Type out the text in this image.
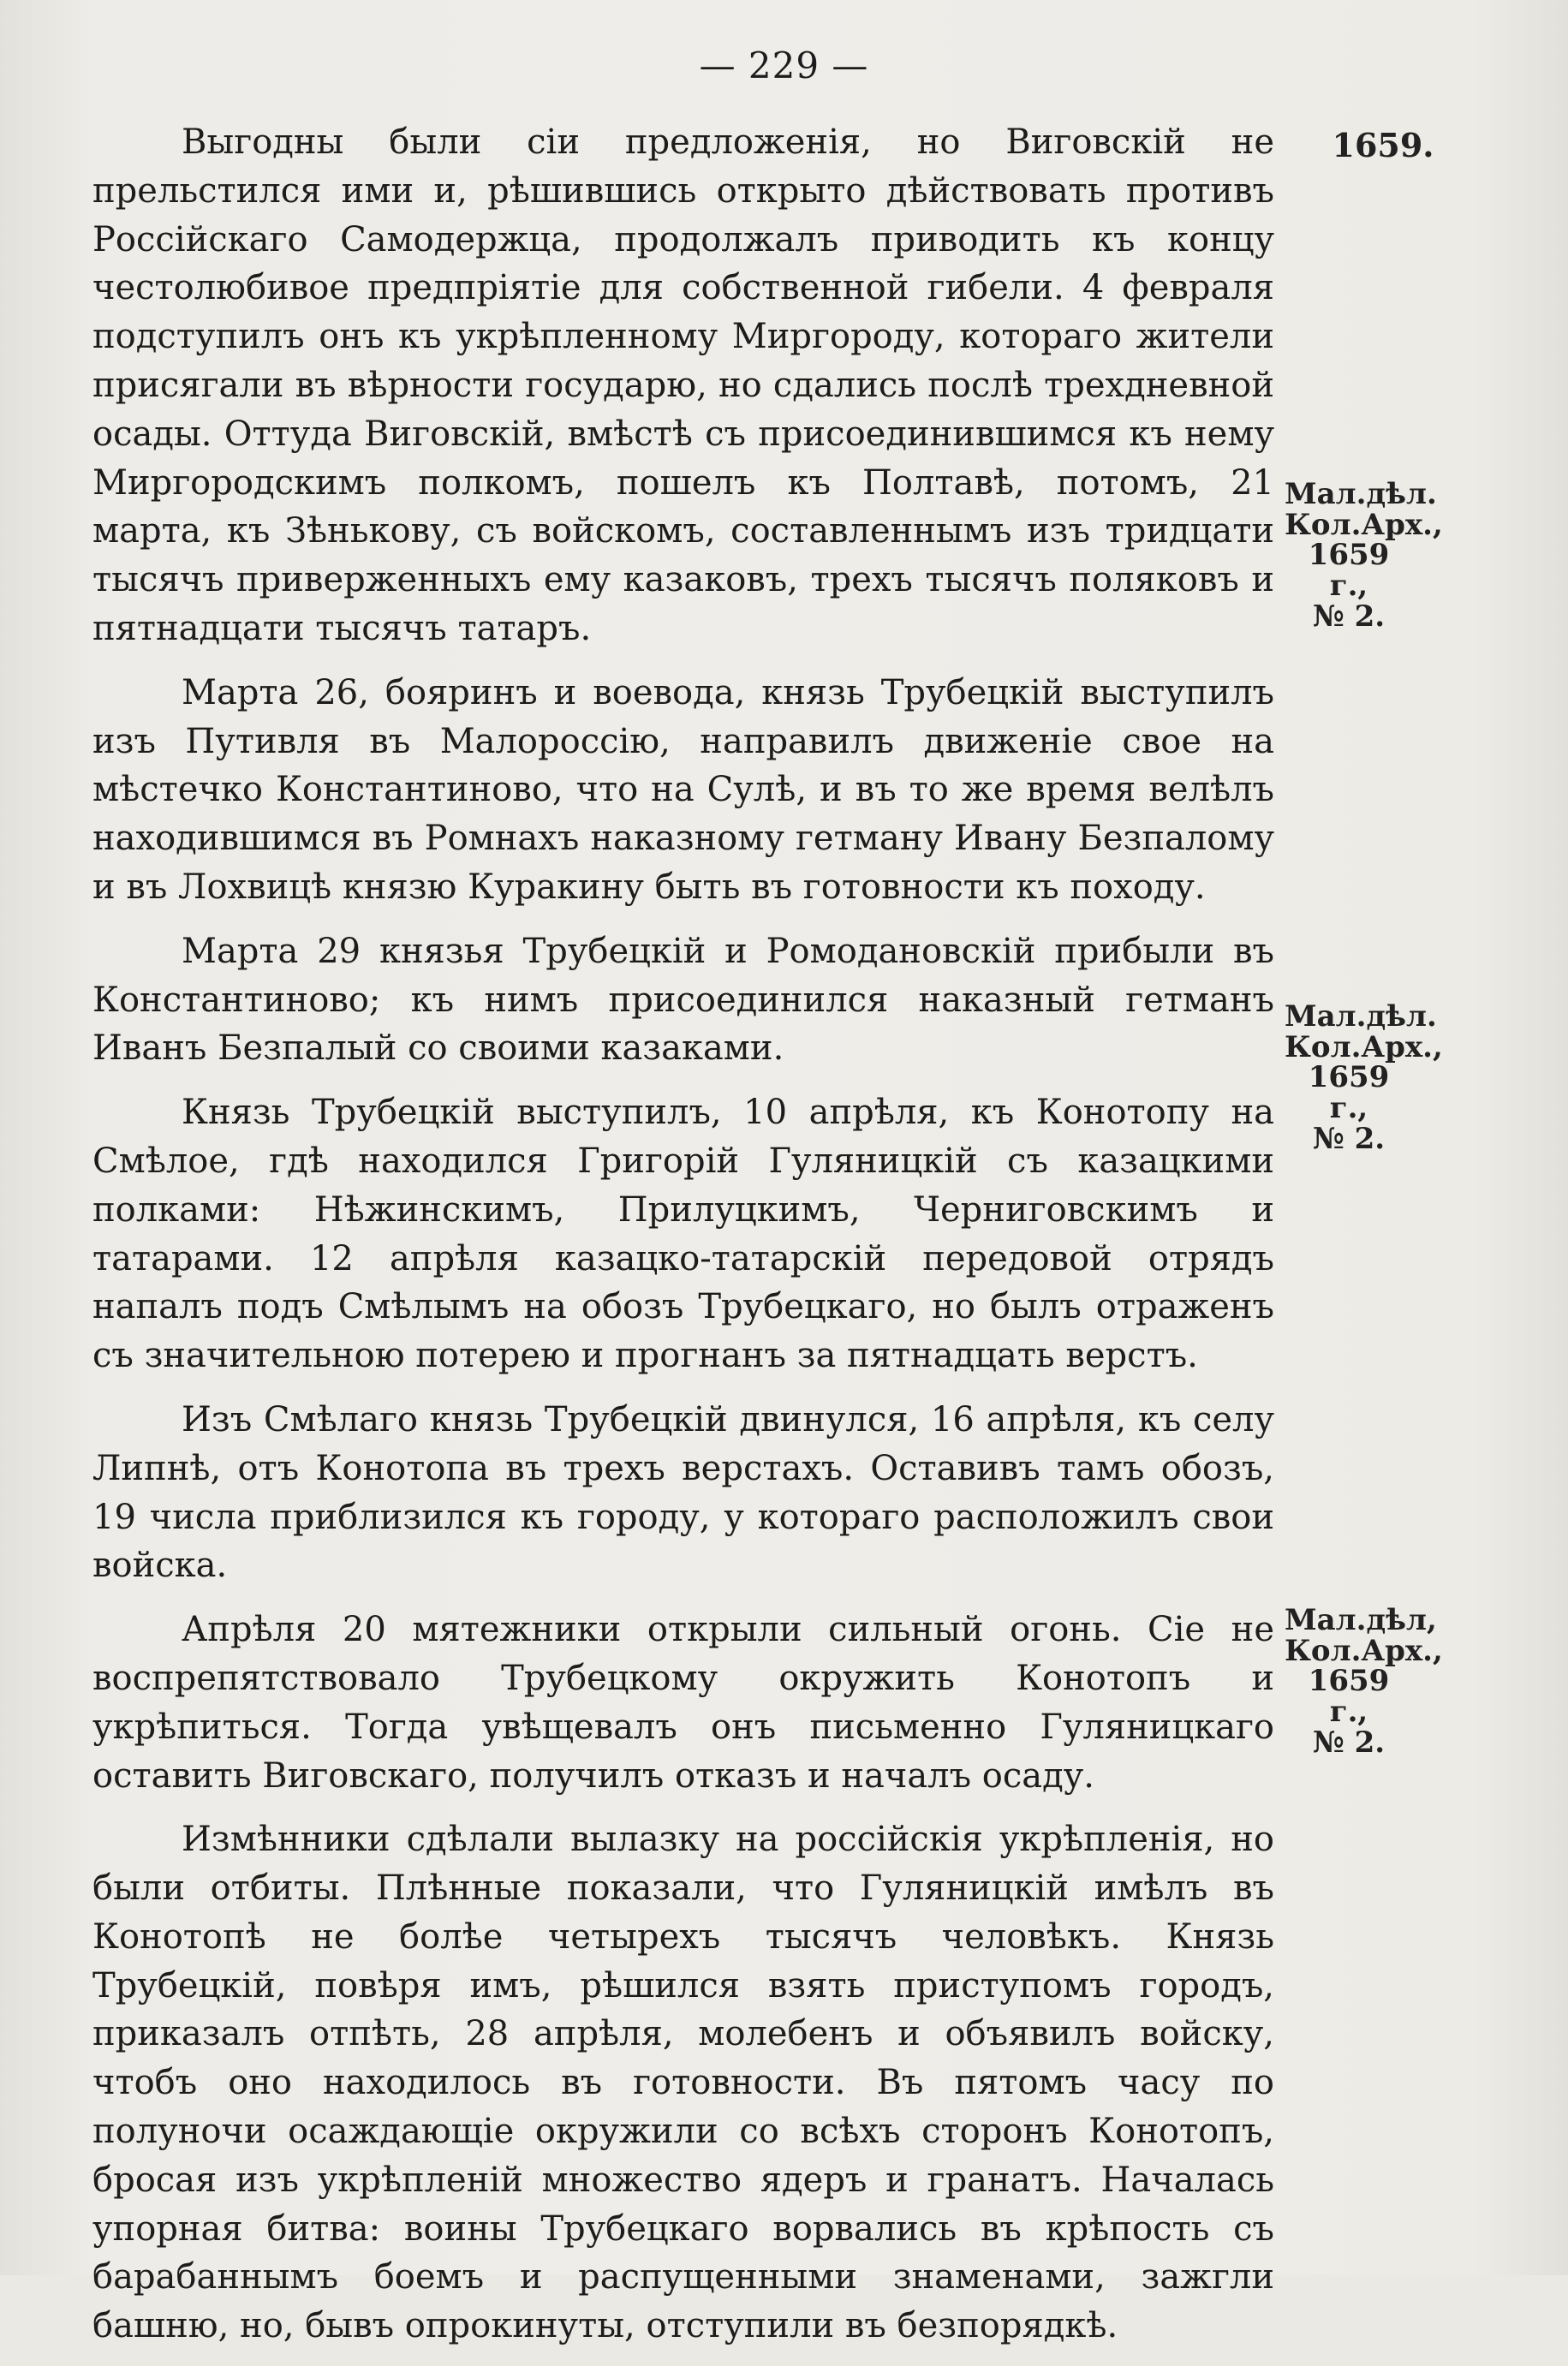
— 229 —
1659.
Мал.дѣл.
Кол.Арх.,
1659 г.,
№ 2.
Мал.дѣл.
Кол.Арх.,
1659 г.,
№ 2.
Мал.дѣл,
Кол.Арх.,
1659 г.,
№ 2.

Выгодны были сіи предложенія, но Виговскій не прельстился ими и, рѣшившись открыто дѣйствовать противъ Россійскаго Самодержца, продолжалъ приводить къ концу честолюбивое предпріятіе для собственной гибели. 4 февраля подступилъ онъ къ укрѣпленному Миргороду, котораго жители присягали въ вѣрности государю, но сдались послѣ трехдневной осады. Оттуда Виговскій, вмѣстѣ съ присоединившимся къ нему Миргородскимъ полкомъ, пошелъ къ Полтавѣ, потомъ, 21 марта, къ Зѣнькову, съ войскомъ, составленнымъ изъ тридцати тысячъ приверженныхъ ему казаковъ, трехъ тысячъ поляковъ и пятнадцати тысячъ татаръ.

Марта 26, бояринъ и воевода, князь Трубецкій выступилъ изъ Путивля въ Малороссію, направилъ движеніе свое на мѣстечко Константиново, что на Сулѣ, и въ то же время велѣлъ находившимся въ Ромнахъ наказному гетману Ивану Безпалому и въ Лохвицѣ князю Куракину быть въ готовности къ походу.

Марта 29 князья Трубецкій и Ромодановскій прибыли въ Константиново; къ нимъ присоединился наказный гетманъ Иванъ Безпалый со своими казаками.

Князь Трубецкій выступилъ, 10 апрѣля, къ Конотопу на Смѣлое, гдѣ находился Григорій Гуляницкій съ казацкими полками: Нѣжинскимъ, Прилуцкимъ, Черниговскимъ и татарами. 12 апрѣля казацко-татарскій передовой отрядъ напалъ подъ Смѣлымъ на обозъ Трубецкаго, но былъ отраженъ съ значительною потерею и прогнанъ за пятнадцать верстъ.

Изъ Смѣлаго князь Трубецкій двинулся, 16 апрѣля, къ селу Липнѣ, отъ Конотопа въ трехъ верстахъ. Оставивъ тамъ обозъ, 19 числа приблизился къ городу, у котораго расположилъ свои войска.

Апрѣля 20 мятежники открыли сильный огонь. Сіе не воспрепятствовало Трубецкому окружить Конотопъ и укрѣпиться. Тогда увѣщевалъ онъ письменно Гуляницкаго оставить Виговскаго, получилъ отказъ и началъ осаду.

Измѣнники сдѣлали вылазку на россійскія укрѣпленія, но были отбиты. Плѣнные показали, что Гуляницкій имѣлъ въ Конотопѣ не болѣе четырехъ тысячъ человѣкъ. Князь Трубецкій, повѣря имъ, рѣшился взять приступомъ городъ, приказалъ отпѣть, 28 апрѣля, молебенъ и объявилъ войску, чтобъ оно находилось въ готовности. Въ пятомъ часу по полуночи осаждающіе окружили со всѣхъ сторонъ Конотопъ, бросая изъ укрѣпленій множество ядеръ и гранатъ. Началась упорная битва: воины Трубецкаго ворвались въ крѣпость съ барабаннымъ боемъ и распущенными знаменами, зажгли башню, но, бывъ опрокинуты, отступили въ безпорядкѣ.
